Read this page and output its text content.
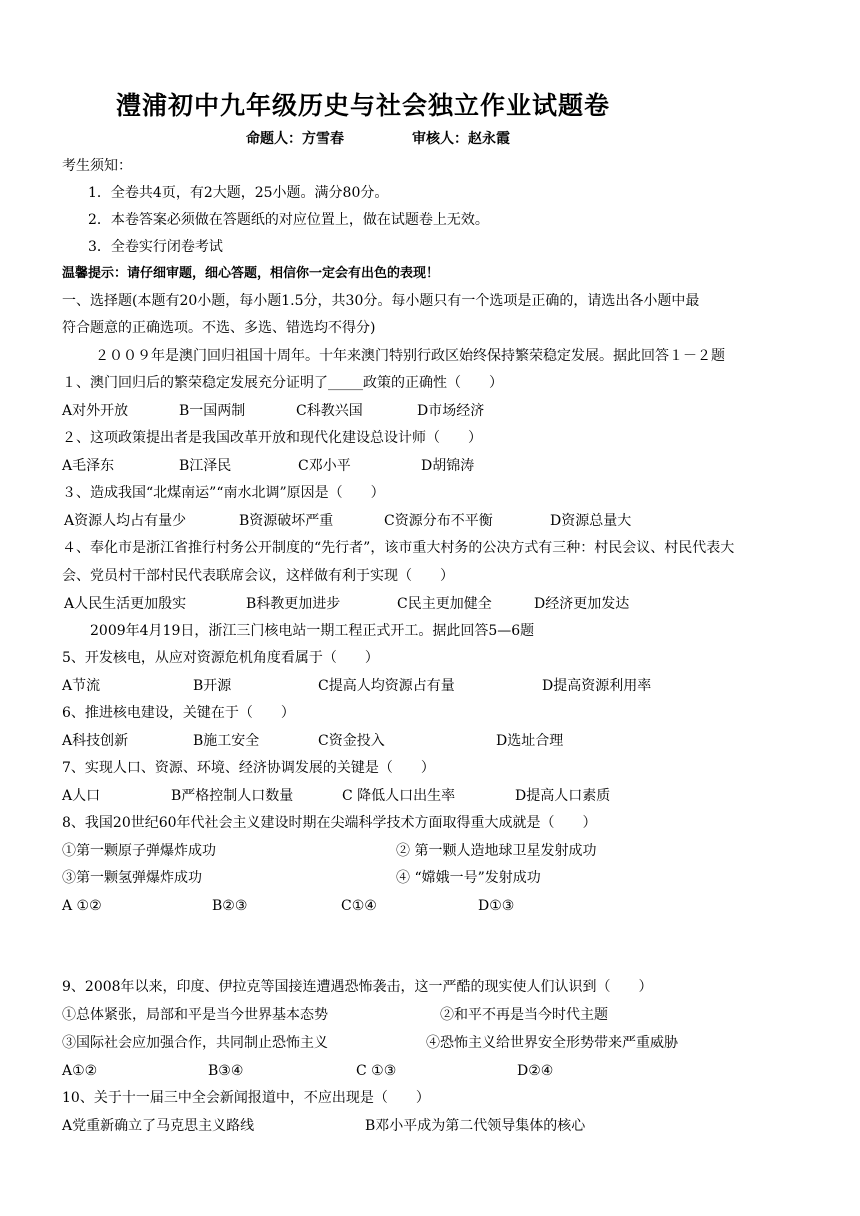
澧浦初中九年级历史与社会独立作业试题卷
命题人：方雪春	审核人：赵永霞
考生须知：
1．全卷共4页，有2大题，25小题。满分80分。
2．本卷答案必须做在答题纸的对应位置上，做在试题卷上无效。
3．全卷实行闭卷考试
温馨提示：请仔细审题，细心答题，相信你一定会有出色的表现！
一、选择题(本题有20小题，每小题1.5分，共30分。每小题只有一个选项是正确的，请选出各小题中最
符合题意的正确选项。不选、多选、错选均不得分)
２００９年是澳门回归祖国十周年。十年来澳门特别行政区始终保持繁荣稳定发展。据此回答１－２题
１、澳门回归后的繁荣稳定发展充分证明了_____政策的正确性（　　）
A对外开放	B一国两制	C科教兴国	D市场经济
２、这项政策提出者是我国改革开放和现代化建设总设计师（　　）
A毛泽东	B江泽民	C邓小平	D胡锦涛
３、造成我国“北煤南运”“南水北调”原因是（　　）
A资源人均占有量少	B资源破坏严重	C资源分布不平衡	D资源总量大
４、奉化市是浙江省推行村务公开制度的“先行者”，该市重大村务的公决方式有三种：村民会议、村民代表大
会、党员村干部村民代表联席会议，这样做有利于实现（　　）
A人民生活更加殷实	B科教更加进步	C民主更加健全	D经济更加发达
2009年4月19日，浙江三门核电站一期工程正式开工。据此回答5—6题
5、开发核电，从应对资源危机角度看属于（　　）
A节流	B开源	C提高人均资源占有量	D提高资源利用率
6、推进核电建设，关键在于（　　）
A科技创新	B施工安全	C资金投入	D选址合理
7、实现人口、资源、环境、经济协调发展的关键是（　　）
A人口	B严格控制人口数量	C 降低人口出生率	D提高人口素质
8、我国20世纪60年代社会主义建设时期在尖端科学技术方面取得重大成就是（　　）
①第一颗原子弹爆炸成功	② 第一颗人造地球卫星发射成功
③第一颗氢弹爆炸成功	④ “嫦娥一号”发射成功
A ①②	B②③	C①④	D①③
9、2008年以来，印度、伊拉克等国接连遭遇恐怖袭击，这一严酷的现实使人们认识到（　　）
①总体紧张，局部和平是当今世界基本态势	②和平不再是当今时代主题
③国际社会应加强合作，共同制止恐怖主义	④恐怖主义给世界安全形势带来严重威胁
A①②	B③④	C ①③	D②④
10、关于十一届三中全会新闻报道中，不应出现是（　　）
A党重新确立了马克思主义路线	B邓小平成为第二代领导集体的核心
